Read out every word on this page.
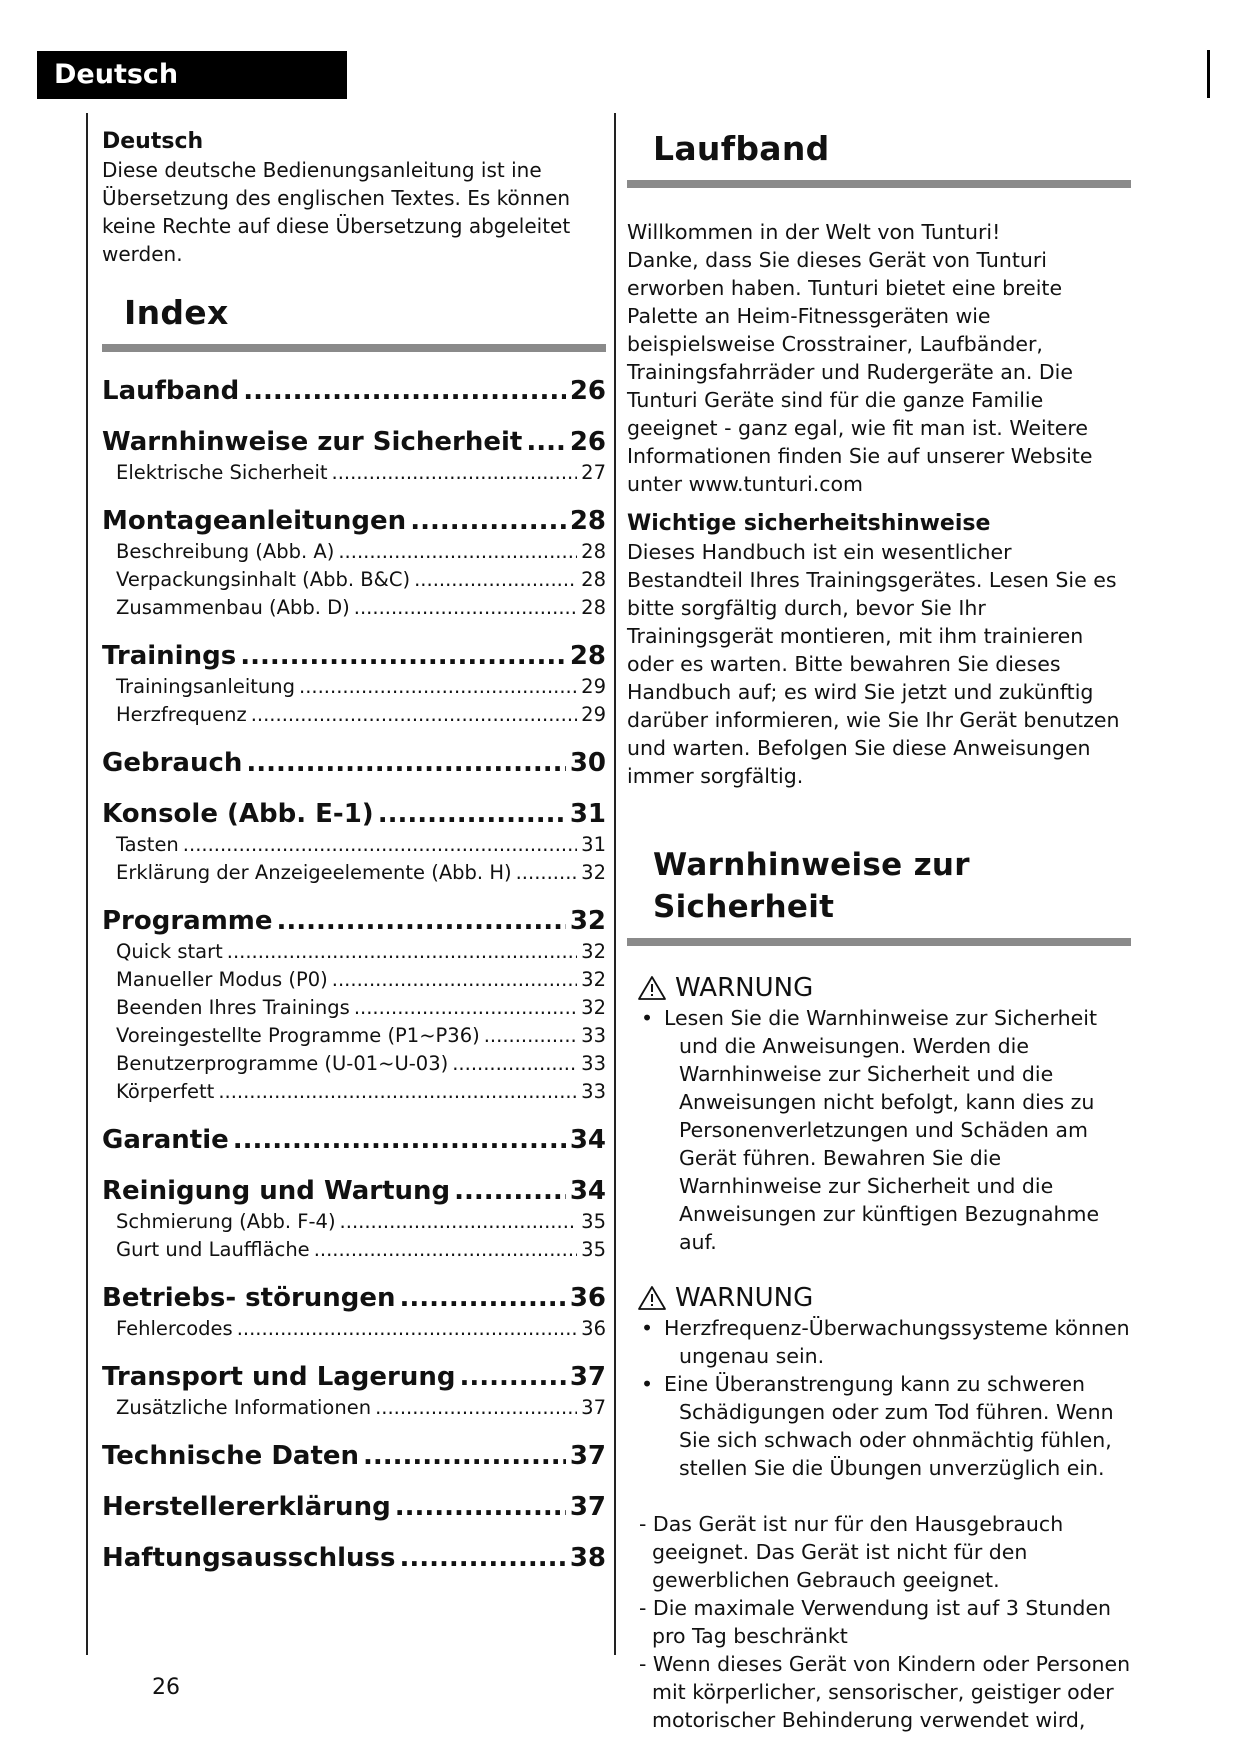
Deutsch
Deutsch
Diese deutsche Bedienungsanleitung ist ine Übersetzung des englischen Textes. Es können keine Rechte auf diese Übersetzung abgeleitet werden.
Index
Laufband .....	26
Warnhinweise zur Sicherheit ..... 26
Elektrische Sicherheit .....	27
Montageanleitungen .....	28
Beschreibung (Abb. A) .....	28
Verpackungsinhalt (Abb. B&C) .....	28
Zusammenbau (Abb. D) .....	28
Trainings .....	28
Trainingsanleitung .....	29
Herzfrequenz .....	29
Gebrauch .....	30
Konsole (Abb. E-1) .....	31
Tasten .....	31
Erklärung der Anzeigeelemente (Abb. H) .....	32
Programme .....	32
Quick start .....	32
Manueller Modus (P0) .....	32
Beenden Ihres Trainings .....	32
Voreingestellte Programme (P1~P36) .....	33
Benutzerprogramme (U-01~U-03) .....	33
Körperfett .....	33
Garantie .....	34
Reinigung und Wartung .....	34
Schmierung (Abb. F-4) .....	35
Gurt und Lauffläche .....	35
Betriebs- störungen .....	36
Fehlercodes .....	36
Transport und Lagerung .....	37
Zusätzliche Informationen .....	37
Technische Daten .....	37
Herstellererklärung .....	37
Haftungsausschluss .....	38
Laufband
Willkommen in der Welt von Tunturi!
Danke, dass Sie dieses Gerät von Tunturi erworben haben. Tunturi bietet eine breite Palette an Heim-Fitnessgeräten wie beispielsweise Crosstrainer, Laufbänder, Trainingsfahrräder und Rudergeräte an. Die Tunturi Geräte sind für die ganze Familie geeignet - ganz egal, wie fit man ist. Weitere Informationen finden Sie auf unserer Website unter www.tunturi.com
Wichtige sicherheitshinweise
Dieses Handbuch ist ein wesentlicher Bestandteil Ihres Trainingsgerätes. Lesen Sie es bitte sorgfältig durch, bevor Sie Ihr Trainingsgerät montieren, mit ihm trainieren oder es warten. Bitte bewahren Sie dieses Handbuch auf; es wird Sie jetzt und zukünftig darüber informieren, wie Sie Ihr Gerät benutzen und warten. Befolgen Sie diese Anweisungen immer sorgfältig.
Warnhinweise zur Sicherheit
WARNUNG
• Lesen Sie die Warnhinweise zur Sicherheit und die Anweisungen. Werden die Warnhinweise zur Sicherheit und die Anweisungen nicht befolgt, kann dies zu Personenverletzungen und Schäden am Gerät führen. Bewahren Sie die Warnhinweise zur Sicherheit und die Anweisungen zur künftigen Bezugnahme auf.
WARNUNG
• Herzfrequenz-Überwachungssysteme können ungenau sein.
• Eine Überanstrengung kann zu schweren Schädigungen oder zum Tod führen. Wenn Sie sich schwach oder ohnmächtig fühlen, stellen Sie die Übungen unverzüglich ein.
- Das Gerät ist nur für den Hausgebrauch geeignet. Das Gerät ist nicht für den gewerblichen Gebrauch geeignet.
- Die maximale Verwendung ist auf 3 Stunden pro Tag beschränkt
- Wenn dieses Gerät von Kindern oder Personen mit körperlicher, sensorischer, geistiger oder motorischer Behinderung verwendet wird,
26
